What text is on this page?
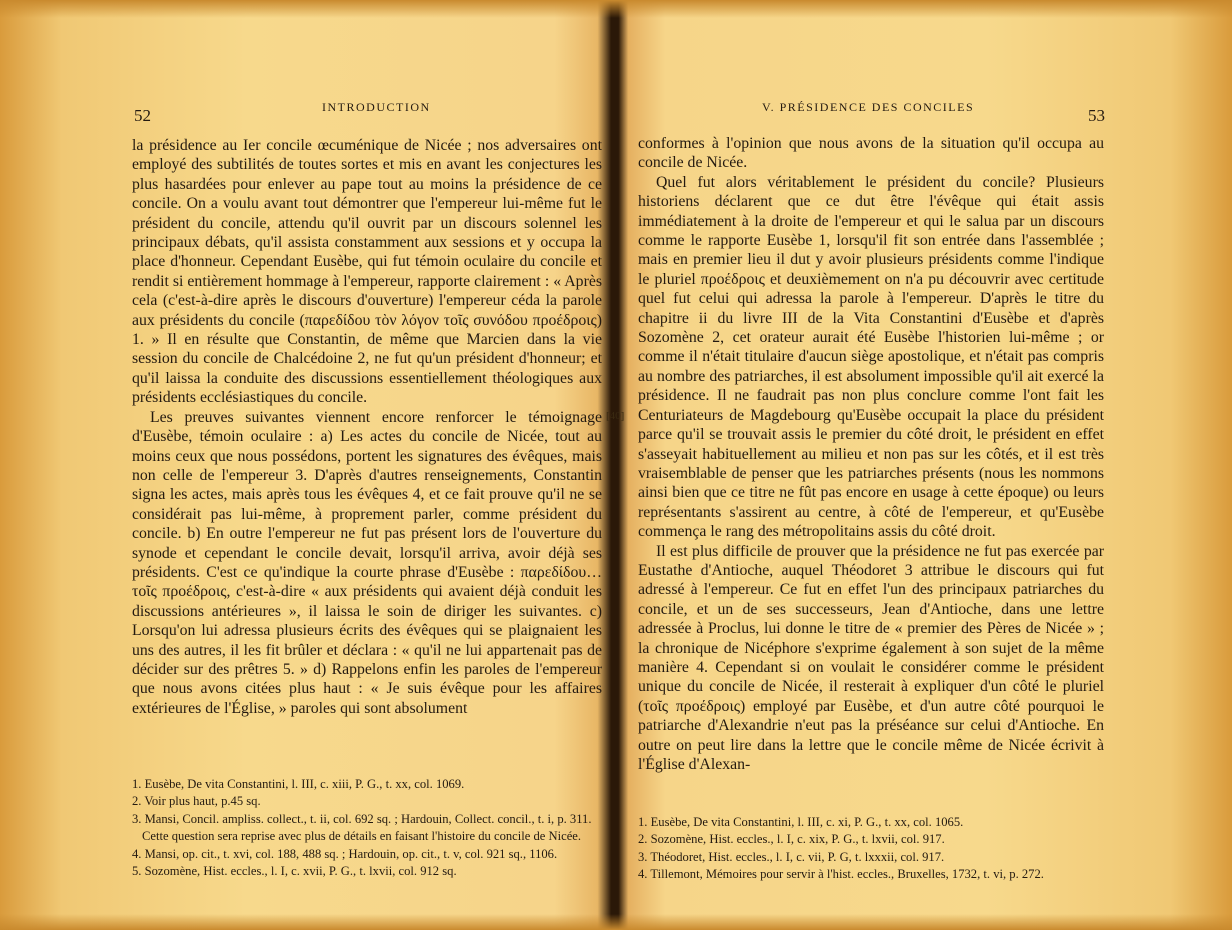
52	INTRODUCTION

la présidence au Ier concile œcuménique de Nicée ; nos adversaires ont employé des subtilités de toutes sortes et mis en avant les conjectures les plus hasardées pour enlever au pape tout au moins la présidence de ce concile. On a voulu avant tout démontrer que l'empereur lui-même fut le président du concile, attendu qu'il ouvrit par un discours solennel les principaux débats, qu'il assista constamment aux sessions et y occupa la place d'honneur. Cependant Eusèbe, qui fut témoin oculaire du concile et rendit si entièrement hommage à l'empereur, rapporte clairement : « Après cela (c'est-à-dire après le discours d'ouverture) l'empereur céda la parole aux présidents du concile (παρεδίδου τὸν λόγον τοῖς συνόδου προέδροις) 1. » Il en résulte que Constantin, de même que Marcien dans la vie session du concile de Chalcédoine 2, ne fut qu'un président d'honneur; et qu'il laissa la conduite des discussions essentiellement théologiques aux présidents ecclésiastiques du concile.

Les preuves suivantes viennent encore renforcer le témoignage d'Eusèbe, témoin oculaire : a) Les actes du concile de Nicée, tout au moins ceux que nous possédons, portent les signatures des évêques, mais non celle de l'empereur 3. D'après d'autres renseignements, Constantin signa les actes, mais après tous les évêques 4, et ce fait prouve qu'il ne se considérait pas lui-même, à proprement parler, comme président du concile. b) En outre l'empereur ne fut pas présent lors de l'ouverture du synode et cependant le concile devait, lorsqu'il arriva, avoir déjà ses présidents. C'est ce qu'indique la courte phrase d'Eusèbe : παρεδίδου… τοῖς προέδροις, c'est-à-dire « aux présidents qui avaient déjà conduit les discussions antérieures », il laissa le soin de diriger les suivantes. c) Lorsqu'on lui adressa plusieurs écrits des évêques qui se plaignaient les uns des autres, il les fit brûler et déclara : « qu'il ne lui appartenait pas de décider sur des prêtres 5. » d) Rappelons enfin les paroles de l'empereur que nous avons citées plus haut : « Je suis évêque pour les affaires extérieures de l'Église, » paroles qui sont absolument

1. Eusèbe, De vita Constantini, l. III, c. xiii, P. G., t. xx, col. 1069.

2. Voir plus haut, p.45 sq.

3. Mansi, Concil. ampliss. collect., t. ii, col. 692 sq. ; Hardouin, Collect. concil., t. i, p. 311. Cette question sera reprise avec plus de détails en faisant l'histoire du concile de Nicée.

4. Mansi, op. cit., t. xvi, col. 188, 488 sq. ; Hardouin, op. cit., t. v, col. 921 sq., 1106.

5. Sozomène, Hist. eccles., l. I, c. xvii, P. G., t. lxvii, col. 912 sq.

[40]
V. PRÉSIDENCE DES CONCILES	53

conformes à l'opinion que nous avons de la situation qu'il occupa au concile de Nicée.

Quel fut alors véritablement le président du concile? Plusieurs historiens déclarent que ce dut être l'évêque qui était assis immédiatement à la droite de l'empereur et qui le salua par un discours comme le rapporte Eusèbe 1, lorsqu'il fit son entrée dans l'assemblée ; mais en premier lieu il dut y avoir plusieurs présidents comme l'indique le pluriel προέδροις et deuxièmement on n'a pu découvrir avec certitude quel fut celui qui adressa la parole à l'empereur. D'après le titre du chapitre ii du livre III de la Vita Constantini d'Eusèbe et d'après Sozomène 2, cet orateur aurait été Eusèbe l'historien lui-même ; or comme il n'était titulaire d'aucun siège apostolique, et n'était pas compris au nombre des patriarches, il est absolument impossible qu'il ait exercé la présidence. Il ne faudrait pas non plus conclure comme l'ont fait les Centuriateurs de Magdebourg qu'Eusèbe occupait la place du président parce qu'il se trouvait assis le premier du côté droit, le président en effet s'asseyait habituellement au milieu et non pas sur les côtés, et il est très vraisemblable de penser que les patriarches présents (nous les nommons ainsi bien que ce titre ne fût pas encore en usage à cette époque) ou leurs représentants s'assirent au centre, à côté de l'empereur, et qu'Eusèbe commença le rang des métropolitains assis du côté droit.

Il est plus difficile de prouver que la présidence ne fut pas exercée par Eustathe d'Antioche, auquel Théodoret 3 attribue le discours qui fut adressé à l'empereur. Ce fut en effet l'un des principaux patriarches du concile, et un de ses successeurs, Jean d'Antioche, dans une lettre adressée à Proclus, lui donne le titre de « premier des Pères de Nicée » ; la chronique de Nicéphore s'exprime également à son sujet de la même manière 4. Cependant si on voulait le considérer comme le président unique du concile de Nicée, il resterait à expliquer d'un côté le pluriel (τοῖς προέδροις) employé par Eusèbe, et d'un autre côté pourquoi le patriarche d'Alexandrie n'eut pas la préséance sur celui d'Antioche. En outre on peut lire dans la lettre que le concile même de Nicée écrivit à l'Église d'Alexan-

1. Eusèbe, De vita Constantini, l. III, c. xi, P. G., t. xx, col. 1065.

2. Sozomène, Hist. eccles., l. I, c. xix, P. G., t. lxvii, col. 917.

3. Théodoret, Hist. eccles., l. I, c. vii, P. G, t. lxxxii, col. 917.

4. Tillemont, Mémoires pour servir à l'hist. eccles., Bruxelles, 1732, t. vi, p. 272.
